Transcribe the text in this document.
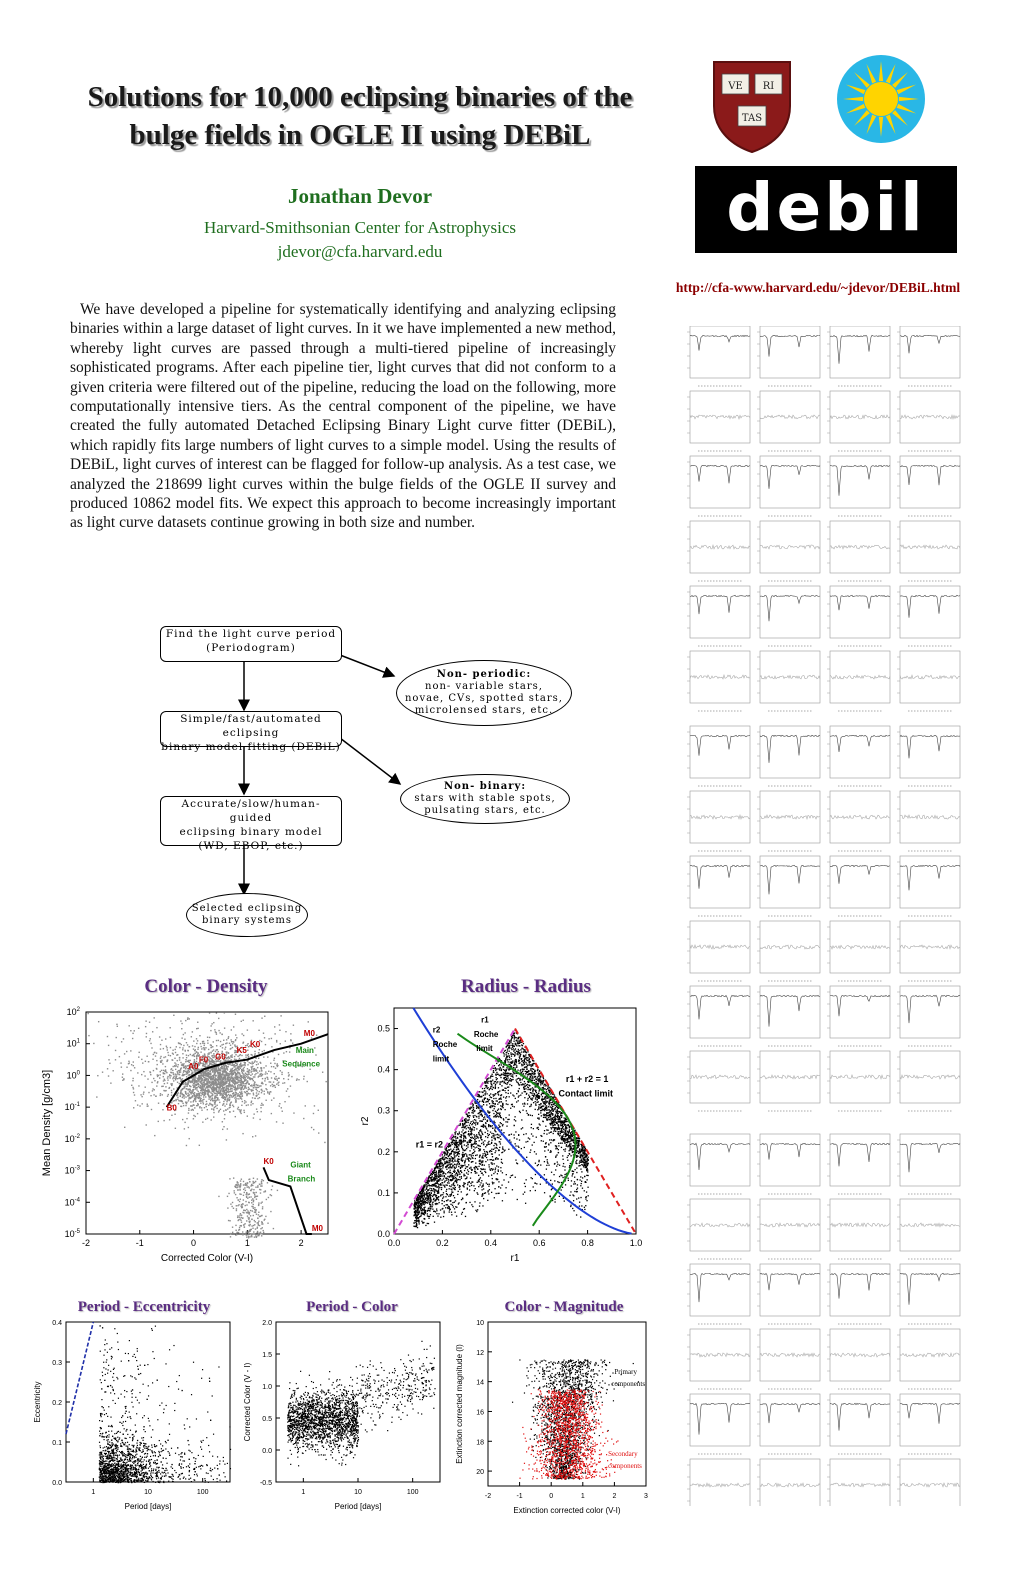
Solutions for 10,000 eclipsing binaries of the
bulge fields in OGLE II using DEBiL
Jonathan Devor
Harvard-Smithsonian Center for Astrophysics
jdevor@cfa.harvard.edu
VE RI
TAS
debil
http://cfa-www.harvard.edu/~jdevor/DEBiL.html
We have developed a pipeline for systematically identifying and analyzing eclipsing binaries within a large dataset of light curves. In it we have implemented a new method, whereby light curves are passed through a multi-tiered pipeline of increasingly sophisticated programs. After each pipeline tier, light curves that did not conform to a given criteria were filtered out of the pipeline, reducing the load on the following, more computationally intensive tiers. As the central component of the pipeline, we have created the fully automated Detached Eclipsing Binary Light curve fitter (DEBiL), which rapidly fits large numbers of light curves to a simple model. Using the results of DEBiL, light curves of interest can be flagged for follow-up analysis. As a test case, we analyzed the 218699 light curves within the bulge fields of the OGLE II survey and produced 10862 model fits. We expect this approach to become increasingly important as light curve datasets continue growing in both size and number.
Find the light curve period
(Periodogram)
Simple/fast/automated eclipsing
binary model fitting (DEBiL)
Accurate/slow/human- guided
eclipsing binary model
(WD, EBOP, etc.)
Selected eclipsing
binary systems
Non- periodic:
non- variable stars,
novae, CVs, spotted stars,
microlensed stars, etc.
Non- binary:
stars with stable spots,
pulsating stars, etc.
Color - Density	Radius - Radius
Period - Eccentricity	Period - Color	Color - Magnitude
-2	-1	0	1	2
Corrected Color (V-I)
$10^{-5}$
$10^{-4}$
$10^{-3}$
$10^{-2}$
$10^{-1}$
$10^0$
$10^1$
$10^2$
Mean Density [g/cm3]
M0
Main
Sequence
K0
K5
G0
F0
A0
B0
K0 Giant
Branch
M0
0.0	0.2	0.4	0.6	0.8	1.0
0.0
0.1
0.2
0.3
0.4
0.5
r1
r2
r2
Roche
limit
r1
Roche
limit
r1 + r2 = 1
Contact limit
r1 = r2
1	10	100
0.0
0.1
0.2
0.3
0.4
Period [days]
Eccentricity
1	10	100
-0.5
0.0
0.5
1.0
1.5
2.0
Period [days]
Corrected Color (V - I)
-2	-1	0	1	2	3
10
12
14
16
18
20
Extinction corrected color (V-I)
Extinction corrected magnitude (I)	Primary
components
Secondary
components
